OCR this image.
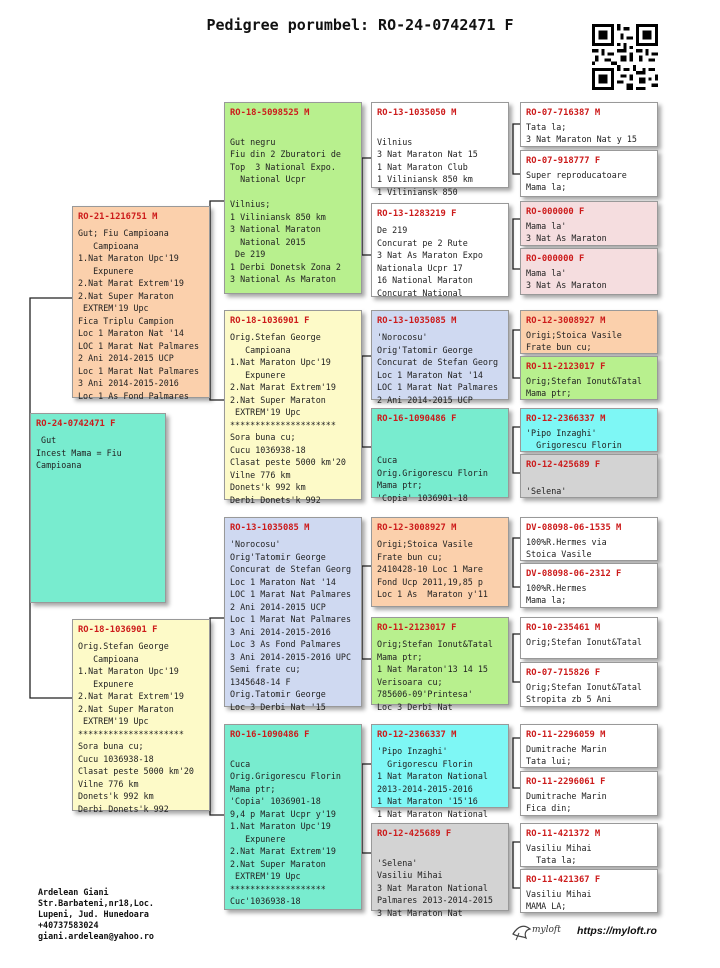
Pedigree porumbel: RO-24-0742471 F
RO-24-0742471 F
Gut
Incest Mama = Fiu
Campioana
RO-21-1216751 M
Gut; Fiu Campioana
Campioana
1.Nat Maraton Upc'19
Expunere
2.Nat Marat Extrem'19
2.Nat Super Maraton
EXTREM'19 Upc
Fica Triplu Campion
Loc 1 Maraton Nat '14
LOC 1 Marat Nat Palmares
2 Ani 2014-2015 UCP
Loc 1 Marat Nat Palmares
3 Ani 2014-2015-2016
Loc 1 As Fond Palmares
RO-18-1036901 F
Orig.Stefan George
Campioana
1.Nat Maraton Upc'19
Expunere
2.Nat Marat Extrem'19
2.Nat Super Maraton
EXTREM'19 Upc
*********************
Sora buna cu;
Cucu 1036938-18
Clasat peste 5000 km'20
Vilne 776 km
Donets'k 992 km
Derbi Donets'k 992
RO-18-5098525 M

Gut negru
Fiu din 2 Zburatori de
Top  3 National Expo.
National Ucpr

Vilnius;
1 Viliniansk 850 km
3 National Maraton
National 2015
De 219
1 Derbi Donetsk Zona 2
3 National As Maraton
RO-18-1036901 F
Orig.Stefan George
Campioana
1.Nat Maraton Upc'19
Expunere
2.Nat Marat Extrem'19
2.Nat Super Maraton
EXTREM'19 Upc
*********************
Sora buna cu;
Cucu 1036938-18
Clasat peste 5000 km'20
Vilne 776 km
Donets'k 992 km
Derbi Donets'k 992
RO-13-1035085 M
'Norocosu'
Orig'Tatomir George
Concurat de Stefan Georg
Loc 1 Maraton Nat '14
LOC 1 Marat Nat Palmares
2 Ani 2014-2015 UCP
Loc 1 Marat Nat Palmares
3 Ani 2014-2015-2016
Loc 3 As Fond Palmares
3 Ani 2014-2015-2016 UPC
Semi frate cu;
1345648-14 F
Orig.Tatomir George
Loc 3 Derbi Nat '15
RO-16-1090486 F

Cuca
Orig.Grigorescu Florin
Mama ptr;
'Copia' 1036901-18
9,4 p Marat Ucpr y'19
1.Nat Maraton Upc'19
Expunere
2.Nat Marat Extrem'19
2.Nat Super Maraton
EXTREM'19 Upc
*******************
Cuc'1036938-18
RO-13-1035050 M

Vilnius
3 Nat Maraton Nat 15
1 Nat Maraton Club
1 Viliniansk 850 km
1 Viliniansk 850
RO-13-1283219 F
De 219
Concurat pe 2 Rute
3 Nat As Maraton Expo
Nationala Ucpr 17
16 National Maraton
Concurat National
RO-13-1035085 M
'Norocosu'
Orig'Tatomir George
Concurat de Stefan Georg
Loc 1 Maraton Nat '14
LOC 1 Marat Nat Palmares
2 Ani 2014-2015 UCP
RO-16-1090486 F

Cuca
Orig.Grigorescu Florin
Mama ptr;
'Copia' 1036901-18
RO-12-3008927 M
Origi;Stoica Vasile
Frate bun cu;
2410428-10 Loc 1 Mare
Fond Ucp 2011,19,85 p
Loc 1 As  Maraton y'11
RO-11-2123017 F
Orig;Stefan Ionut&Tatal
Mama ptr;
1 Nat Maraton'13 14 15
Verisoara cu;
785606-09'Printesa'
Loc 3 Derbi Nat
RO-12-2366337 M
'Pipo Inzaghi'
Grigorescu Florin
1 Nat Maraton National
2013-2014-2015-2016
1 Nat Maraton '15'16
1 Nat Maraton National
RO-12-425689 F

'Selena'
Vasiliu Mihai
3 Nat Maraton National
Palmares 2013-2014-2015
3 Nat Maraton Nat
RO-07-716387 M
Tata la;
3 Nat Maraton Nat y 15
RO-07-918777 F
Super reproducatoare
Mama la;
RO-000000 F
Mama la'
3 Nat As Maraton
RO-000000 F
Mama la'
3 Nat As Maraton
RO-12-3008927 M
Origi;Stoica Vasile
Frate bun cu;
RO-11-2123017 F
Orig;Stefan Ionut&Tatal
Mama ptr;
RO-12-2366337 M
'Pipo Inzaghi'
Grigorescu Florin
RO-12-425689 F

'Selena'
DV-08098-06-1535 M
100%R.Hermes via
Stoica Vasile
DV-08098-06-2312 F
100%R.Hermes
Mama la;
RO-10-235461 M
Orig;Stefan Ionut&Tatal
RO-07-715826 F
Orig;Stefan Ionut&Tatal
Stropita zb 5 Ani
RO-11-2296059 M
Dumitrache Marin
Tata lui;
RO-11-2296061 F
Dumitrache Marin
Fica din;
RO-11-421372 M
Vasiliu Mihai
Tata la;
RO-11-421367 F
Vasiliu Mihai
MAMA LA;
Ardelean Giani
Str.Barbateni,nr18,Loc.
Lupeni, Jud. Hunedoara
+40737583024
giani.ardelean@yahoo.ro
myloft https://myloft.ro
